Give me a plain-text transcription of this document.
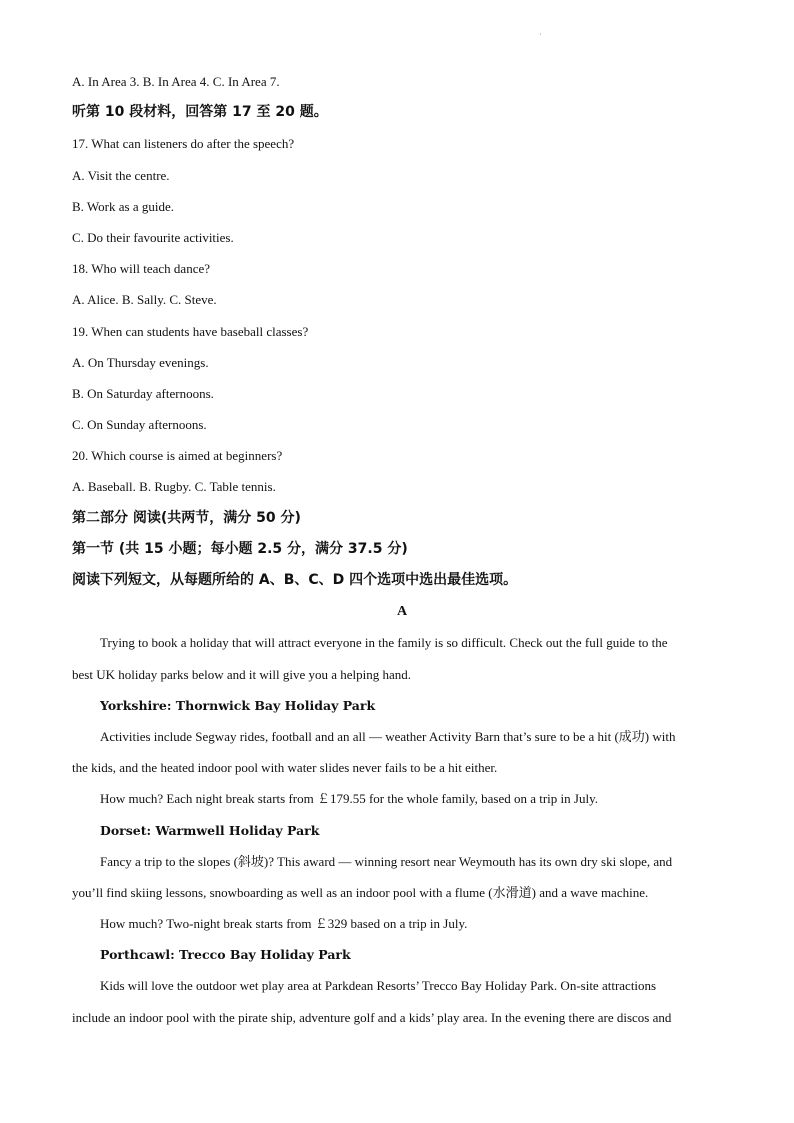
·
A. In Area 3. B. In Area 4. C. In Area 7.
听第 10 段材料，回答第 17 至 20 题。
17. What can listeners do after the speech?
A. Visit the centre.
B. Work as a guide.
C. Do their favourite activities.
18. Who will teach dance?
A. Alice. B. Sally. C. Steve.
19. When can students have baseball classes?
A. On Thursday evenings.
B. On Saturday afternoons.
C. On Sunday afternoons.
20. Which course is aimed at beginners?
A. Baseball. B. Rugby. C. Table tennis.
第二部分 阅读(共两节，满分 50 分)
第一节 (共 15 小题；每小题 2.5 分，满分 37.5 分)
阅读下列短文，从每题所给的 A、B、C、D 四个选项中选出最佳选项。
A
Trying to book a holiday that will attract everyone in the family is so difficult. Check out the full guide to the
best UK holiday parks below and it will give you a helping hand.
Yorkshire: Thornwick Bay Holiday Park
Activities include Segway rides, football and an all — weather Activity Barn that’s sure to be a hit (成功) with
the kids, and the heated indoor pool with water slides never fails to be a hit either.
How much? Each night break starts from ￡179.55 for the whole family, based on a trip in July.
Dorset: Warmwell Holiday Park
Fancy a trip to the slopes (斜坡)? This award — winning resort near Weymouth has its own dry ski slope, and
you’ll find skiing lessons, snowboarding as well as an indoor pool with a flume (水滑道) and a wave machine.
How much? Two-night break starts from ￡329 based on a trip in July.
Porthcawl: Trecco Bay Holiday Park
Kids will love the outdoor wet play area at Parkdean Resorts’ Trecco Bay Holiday Park. On-site attractions
include an indoor pool with the pirate ship, adventure golf and a kids’ play area. In the evening there are discos and
